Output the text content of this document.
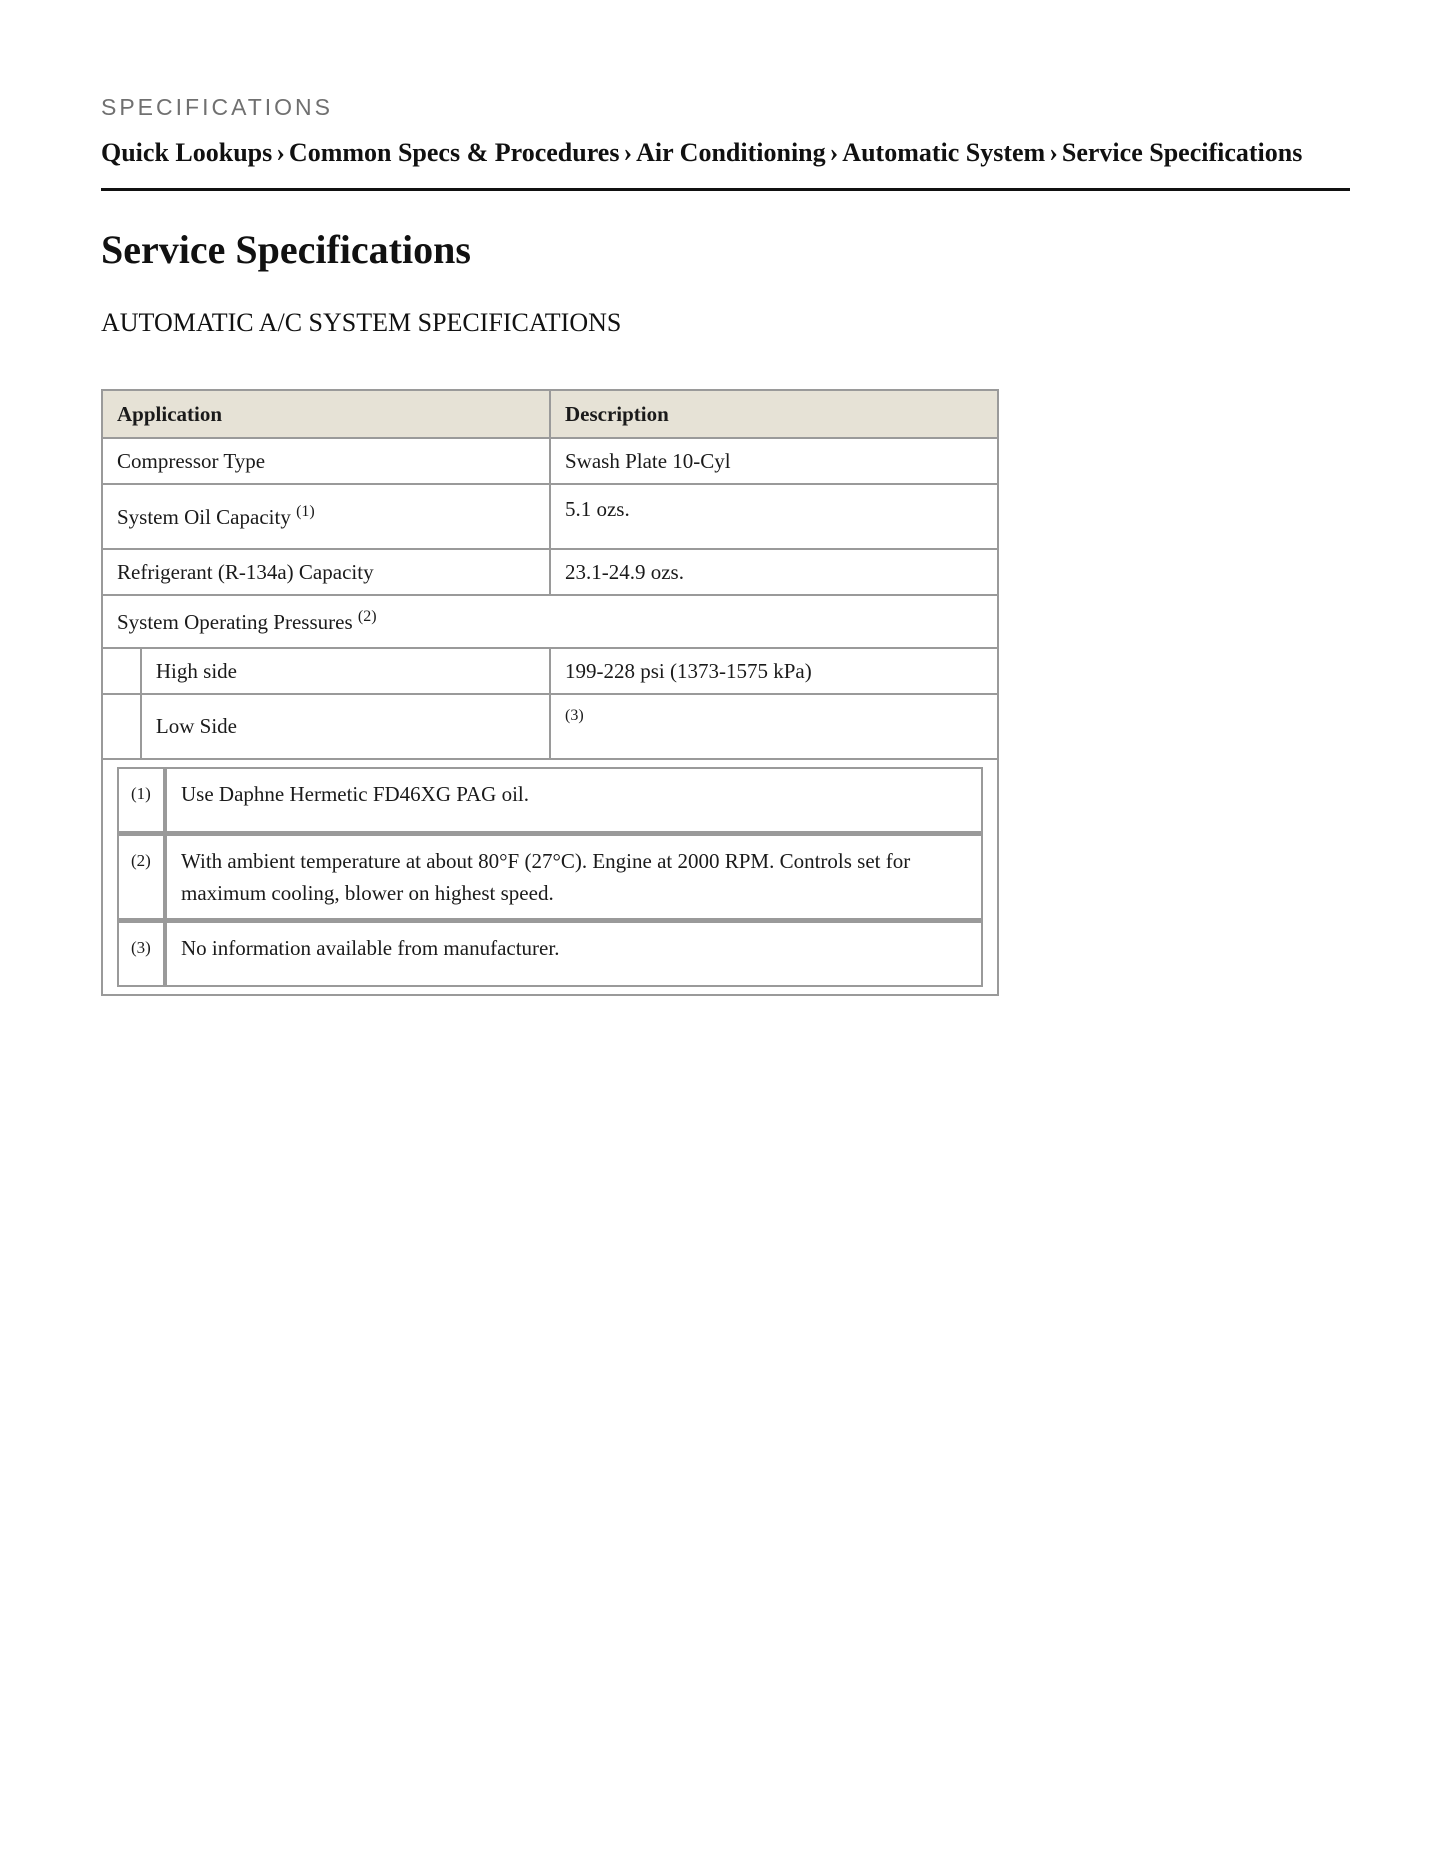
SPECIFICATIONS
Quick Lookups › Common Specs & Procedures › Air Conditioning › Automatic System › Service Specifications
Service Specifications
AUTOMATIC A/C SYSTEM SPECIFICATIONS
Application	Description
Compressor Type	Swash Plate 10-Cyl
System Oil Capacity $^{(1)}$	5.1 ozs.
Refrigerant (R-134a) Capacity	23.1-24.9 ozs.
System Operating Pressures $^{(2)}$
	High side	199-228 psi (1373-1575 kPa)
	Low Side	$^{(3)}$

(1)	Use Daphne Hermetic FD46XG PAG oil.
(2)	With ambient temperature at about 80°F (27°C). Engine at 2000 RPM. Controls set for maximum cooling, blower on highest speed.
(3)	No information available from manufacturer.
